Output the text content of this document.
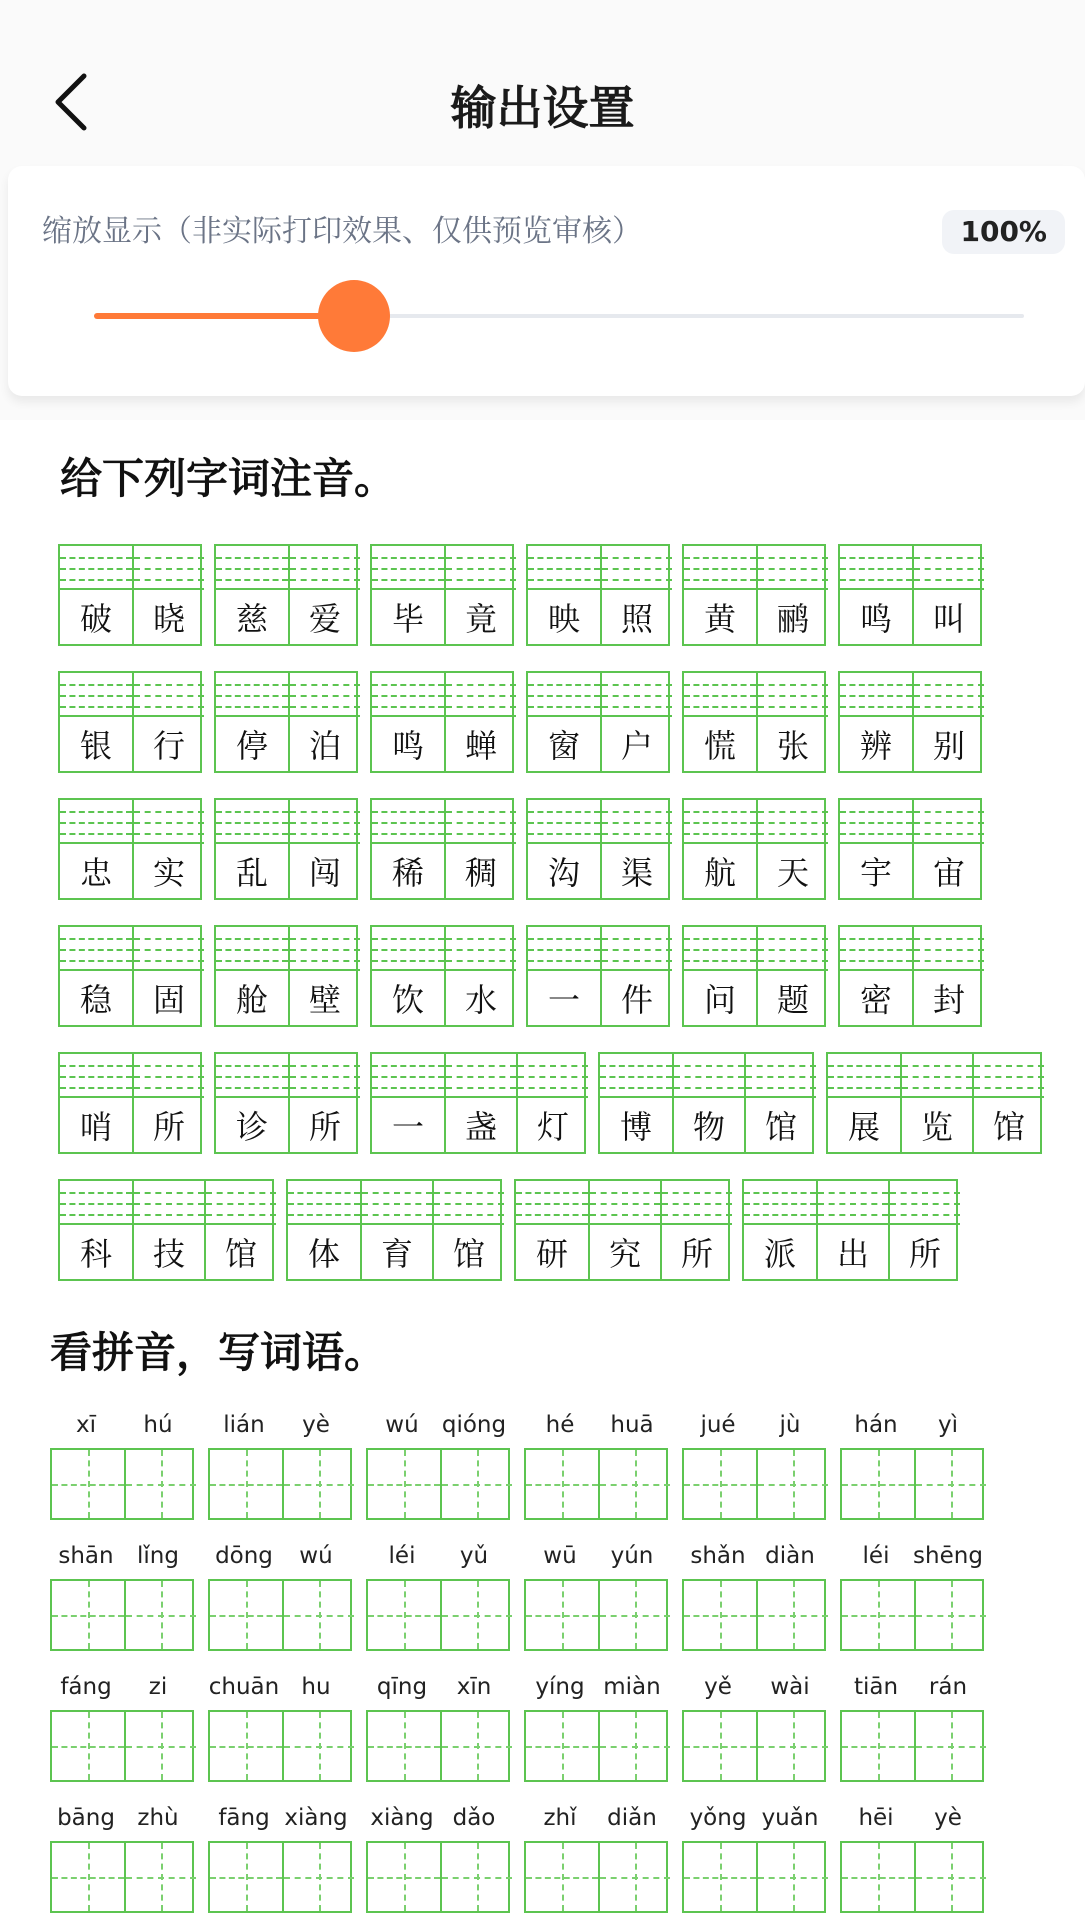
输出设置
缩放显示（非实际打印效果、仅供预览审核）	100%
给下列字词注音。
破	晓	慈	爱	毕	竟	映	照	黄	鹂	鸣	叫
银	行	停	泊	鸣	蝉	窗	户	慌	张	辨	别
忠	实	乱	闯	稀	稠	沟	渠	航	天	宇	宙
稳	固	舱	壁	饮	水	一	件	问	题	密	封
哨	所	诊	所	一	盏	灯	博	物	馆	展	览	馆
科	技	馆	体	育	馆	研	究	所	派	出	所
看拼音，写词语。
xī	hú	lián	yè	wú	qióng	hé	huā	jué	jù	hán	yì
shān	lǐng	dōng	wú	léi	yǔ	wū	yún	shǎn diàn	léi	shēng
fáng	zi	chuān hu	qīng	xīn	yíng miàn	yě	wài	tiān	rán
bāng zhù	fāng xiàng xiàng dǎo	zhǐ	diǎn	yǒng yuǎn	hēi	yè
